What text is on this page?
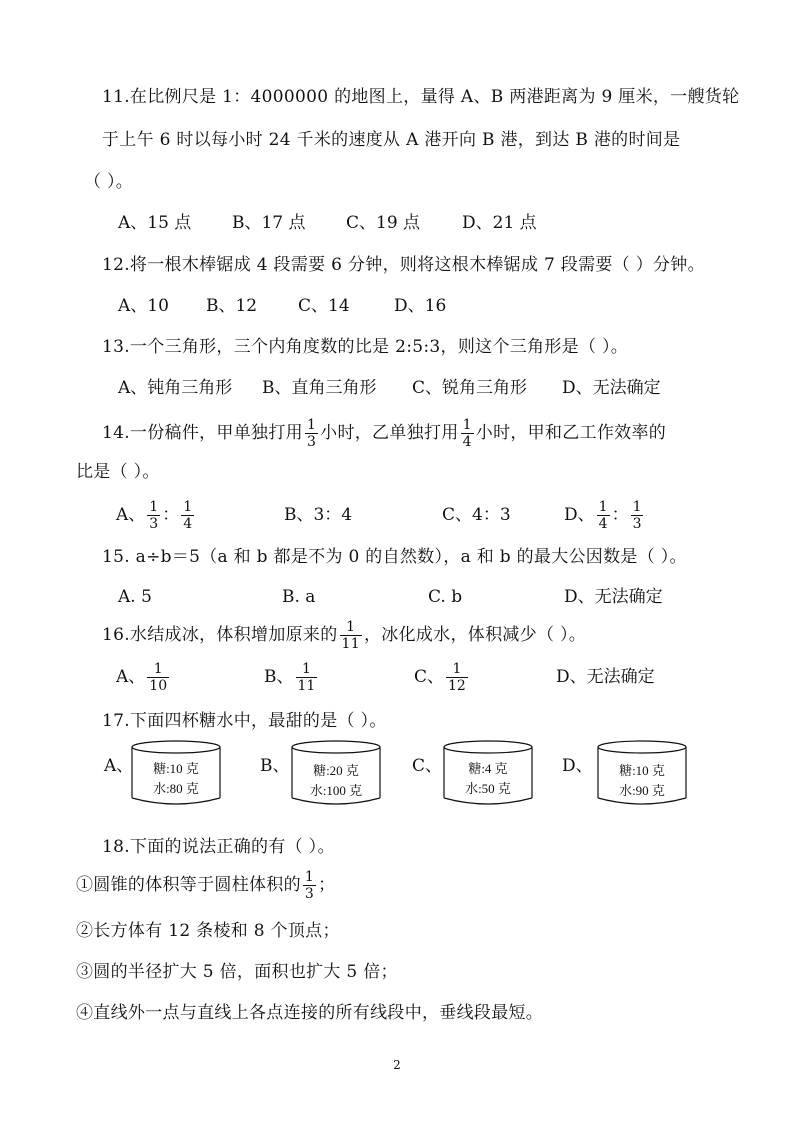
11.在比例尺是 1：4000000 的地图上，量得 A、B 两港距离为 9 厘米，一艘货轮
于上午 6 时以每小时 24 千米的速度从 A 港开向 B 港，到达 B 港的时间是
（ ）。
A、15 点 B、17 点 C、19 点 D、21 点
12.将一根木棒锯成 4 段需要 6 分钟，则将这根木棒锯成 7 段需要（ ）分钟。
A、10 B、12 C、14	D、16
13.一个三角形，三个内角度数的比是 2:5:3，则这个三角形是（ ）。
A、钝角三角形 B、直角三角形 C、锐角三角形 D、无法确定
14.一份稿件，甲单独打用 $\frac{1}{3}$ 小时，乙单独打用 $\frac{1}{4}$ 小时，甲和乙工作效率的
比是（ ）。
A、 $\frac{1}{3}$ ： $\frac{1}{4}$	B、3：4	C、4：3	D、 $\frac{1}{4}$ ： $\frac{1}{3}$
15. a÷b＝5（a 和 b 都是不为 0 的自然数），a 和 b 的最大公因数是（ ）。
A. 5	B. a	C. b	D、无法确定
16.水结成冰，体积增加原来的 $\frac{1}{11}$ ，冰化成水，体积减少（ ）。
A、 $\frac{1}{10}$	B、 $\frac{1}{11}$	C、 $\frac{1}{12}$	D、无法确定
17.下面四杯糖水中，最甜的是（ ）。
A、	糖:10 克
水:80 克
B、	糖:20 克
水:100 克
C、	糖:4 克
水:50 克
D、	糖:10 克
水:90 克
18.下面的说法正确的有（ ）。
①圆锥的体积等于圆柱体积的 $\frac{1}{3}$ ；
②长方体有 12 条棱和 8 个顶点；
③圆的半径扩大 5 倍，面积也扩大 5 倍；
④直线外一点与直线上各点连接的所有线段中，垂线段最短。
2
